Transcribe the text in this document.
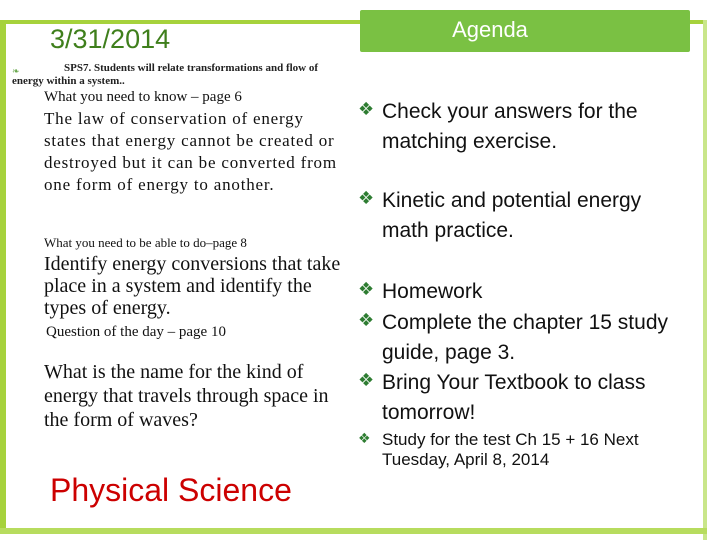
3/31/2014	Agenda
❧	SPS7. Students will relate transformations and flow of energy within a system..
What you need to know – page 6
The law of conservation of energy states that energy cannot be created or destroyed but it can be converted from one form of energy to another.
What you need to be able to do–page 8
Identify energy conversions that take place in a system and identify the types of energy.
Question of the day – page 10
What is the name for the kind of energy that travels through space in the form of waves?
Physical Science
❖ Check your answers for the matching exercise.
❖ Kinetic and potential energy math practice.
❖ Homework
❖ Complete the chapter 15 study guide, page 3.
❖ Bring Your Textbook to class tomorrow!
❖ Study for the test Ch 15 + 16 Next Tuesday, April 8, 2014
